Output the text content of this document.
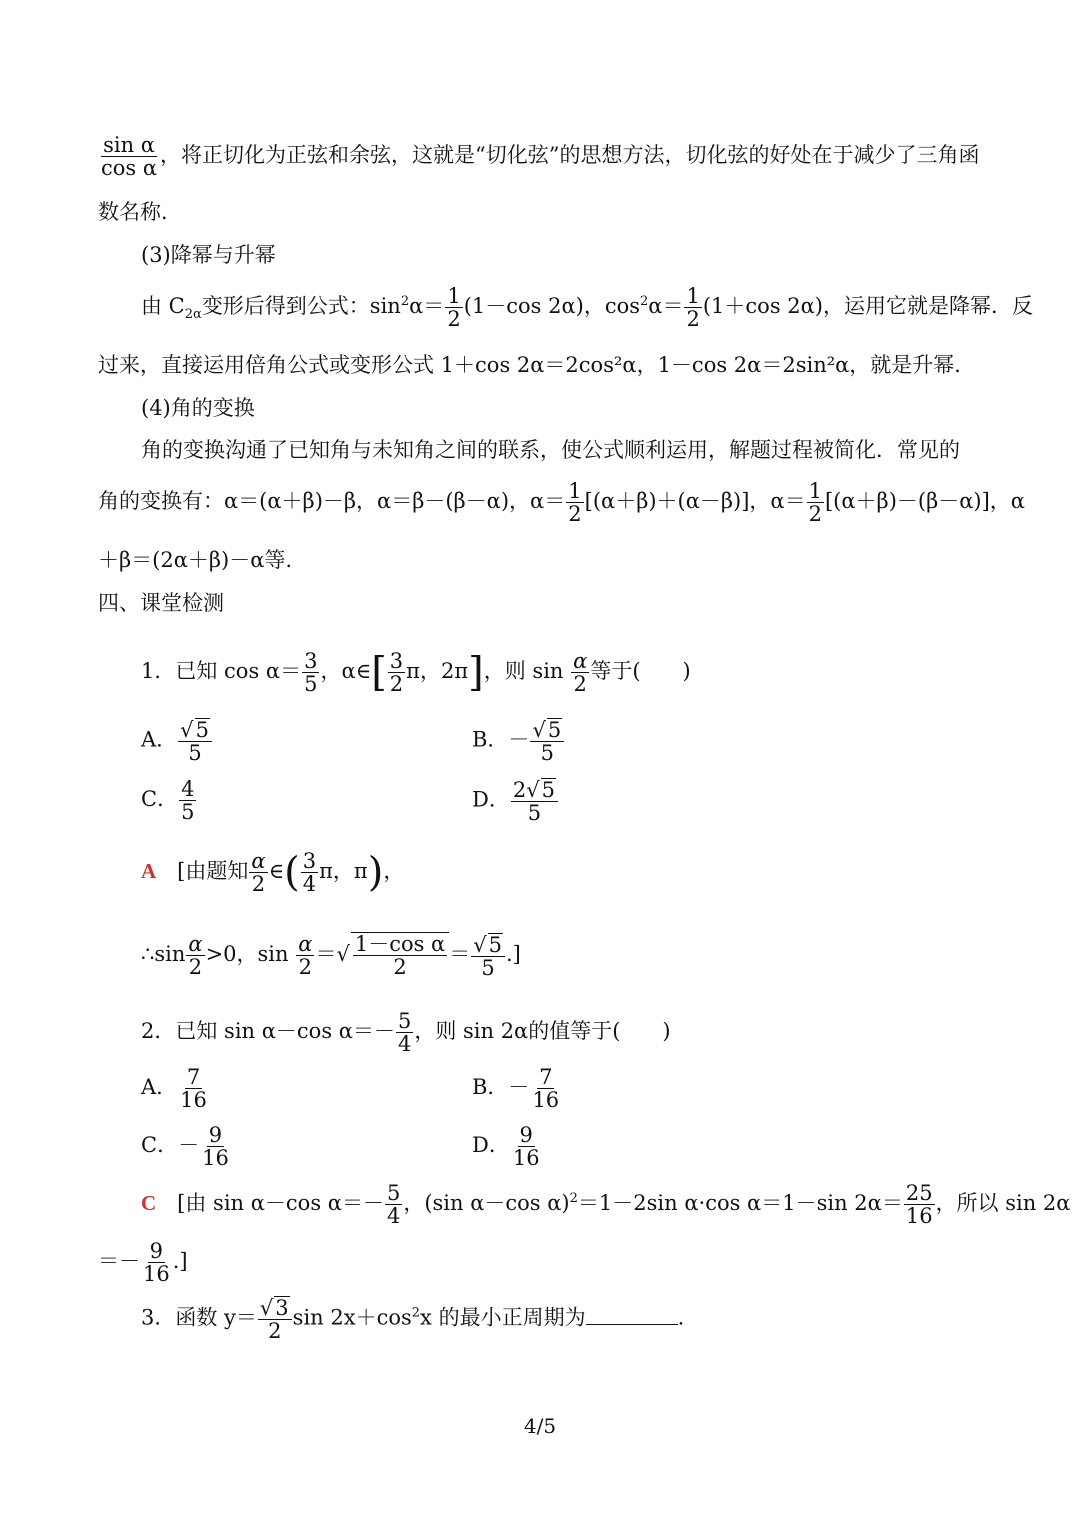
$\frac{\text{sin α}}{\text{cos α}}$ ，将正切化为正弦和余弦，这就是“切化弦”的思想方法，切化弦的好处在于减少了三角函
数名称．
(3)降幂与升幂
由 $C_{2\alpha}$变形后得到公式：$\sin^2\alpha= \frac{1}{2} (1-\cos$ 2α)，$\cos^2\alpha= \frac{1}{2} (1+\cos$ 2α)，运用它就是降幂．反
过来，直接运用倍角公式或变形公式 1＋cos 2α＝2cos²α，1－cos 2α＝2sin²α，就是升幂．
(4)角的变换
角的变换沟通了已知角与未知角之间的联系，使公式顺利运用，解题过程被简化．常见的
角的变换有：α＝(α＋β)－β，α＝β－(β－α)，$\alpha= \frac{1}{2} [(\alpha+\beta)+(\alpha-\beta)]$，$\alpha= \frac{1}{2} [(\alpha+\beta)-(\beta-\alpha)]$，α
＋β＝(2α＋β)－α等.
四、课堂检测
1．已知 $\cos \alpha= \frac{3}{5}$ ，α∈[ $\frac{3}{2}$ π，2π]，则 $\sin \frac{\alpha}{2}$ 等于(　　)
A． $\frac{√5}{5}$	B．－ $\frac{√5}{5}$
C． $\frac{4}{5}$	D． $\frac{2√5}{5}$
A　 [由题知 $\frac{\alpha}{2}$ ∈( $\frac{3}{4}$ π，π)，
∴sin $\frac{\alpha}{2} >0$，$\sin \frac{\alpha}{2}$ ＝√ $\frac{\text{1－cos α}}{2} = \frac{√5}{5}$ .]
2．已知 sin α－cos $\alpha=- \frac{5}{4}$ ，则 sin 2α的值等于(　　)
A． $\frac{7}{16}$	B．－ $\frac{7}{16}$
C．－ $\frac{9}{16}$	D． $\frac{9}{16}$
C　 [由 sin α－cos $\alpha=- \frac{5}{4}$ ，(sin α－cos α)$^2$＝1－2sin α·cos α＝1－sin $2\alpha= \frac{25}{16}$ ，所以 sin 2α
＝－ $\frac{9}{16}$ .]
3．函数 $y= \frac{√3}{2}$ $\sin 2x+\cos^2x$ 的最小正周期为	.
4/5
